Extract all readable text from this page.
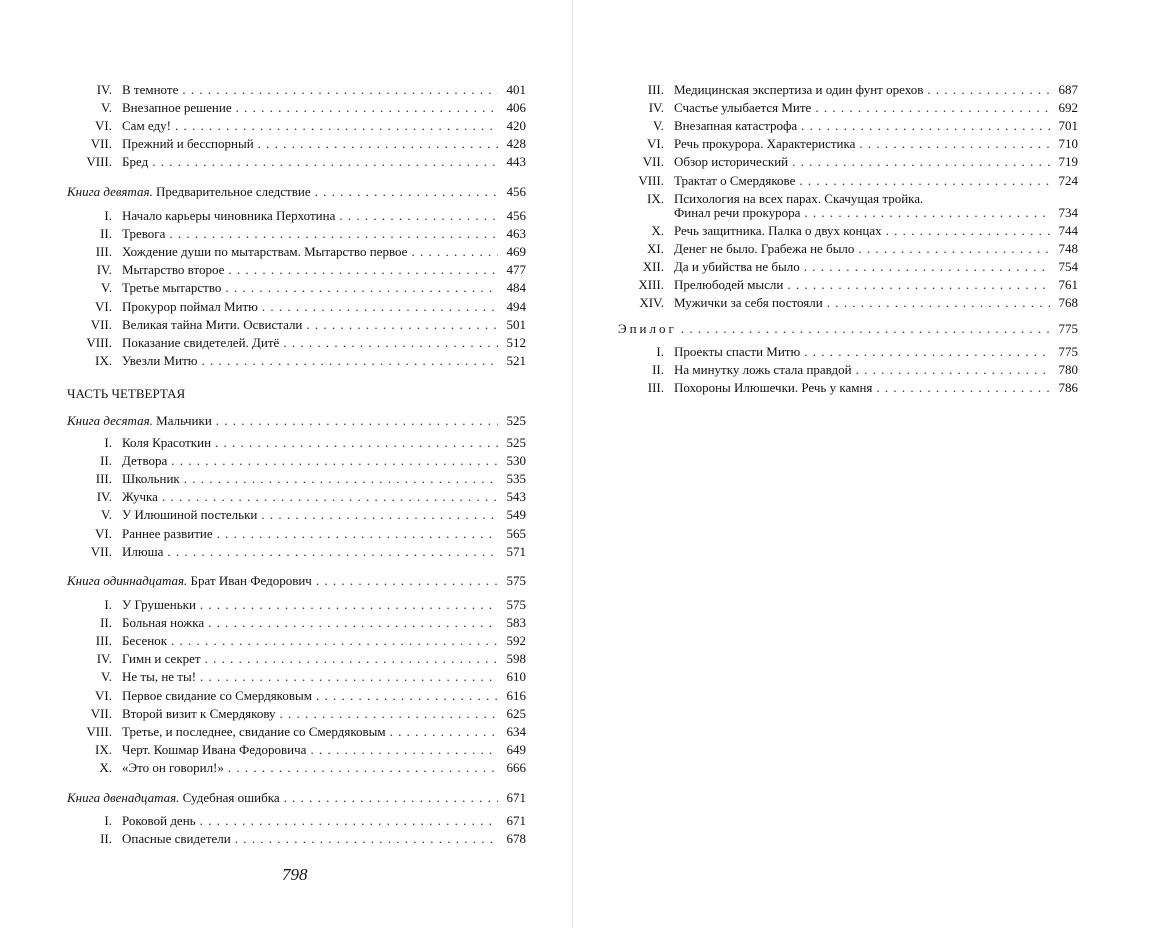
IV. В темноте . . .	401
V. Внезапное решение . . .	406
VI. Сам еду! . . .	420
VII. Прежний и бесспорный . . .	428
VIII. Бред . . .	443
Книга девятая. Предварительное следствие . . .	456
I. Начало карьеры чиновника Перхотина . . .	456
II. Тревога . . .	463
III. Хождение души по мытарствам. Мытарство первое . . .	469
IV. Мытарство второе . . .	477
V. Третье мытарство . . .	484
VI. Прокурор поймал Митю . . .	494
VII. Великая тайна Мити. Освистали . . .	501
VIII. Показание свидетелей. Дитё . . .	512
IX. Увезли Митю . . .	521
ЧАСТЬ ЧЕТВЕРТАЯ
Книга десятая. Мальчики . . .	525
I. Коля Красоткин . . .	525
II. Детвора . . .	530
III. Школьник . . .	535
IV. Жучка . . .	543
V. У Илюшиной постельки . . .	549
VI. Раннее развитие . . .	565
VII. Илюша . . .	571
Книга одиннадцатая. Брат Иван Федорович . . .	575
I. У Грушеньки . . .	575
II. Больная ножка . . .	583
III. Бесенок . . .	592
IV. Гимн и секрет . . .	598
V. Не ты, не ты! . . .	610
VI. Первое свидание со Смердяковым . . .	616
VII. Второй визит к Смердякову . . .	625
VIII. Третье, и последнее, свидание со Смердяковым . . .	634
IX. Черт. Кошмар Ивана Федоровича . . .	649
X. «Это он говорил!» . . .	666
Книга двенадцатая. Судебная ошибка . . .	671
I. Роковой день . . .	671
II. Опасные свидетели . . .	678
798
III. Медицинская экспертиза и один фунт орехов . . .	687
IV. Счастье улыбается Мите . . .	692
V. Внезапная катастрофа . . .	701
VI. Речь прокурора. Характеристика . . .	710
VII. Обзор исторический . . .	719
VIII. Трактат о Смердякове . . .	724
IX. Психология на всех парах. Скачущая тройка.
Финал речи прокурора . . .	734
X. Речь защитника. Палка о двух концах . . .	744
XI. Денег не было. Грабежа не было . . .	748
XII. Да и убийства не было . . .	754
XIII. Прелюбодей мысли . . .	761
XIV. Мужички за себя постояли . . .	768
Эпилог . . .	775
I. Проекты спасти Митю . . .	775
II. На минутку ложь стала правдой . . .	780
III. Похороны Илюшечки. Речь у камня . . .	786
